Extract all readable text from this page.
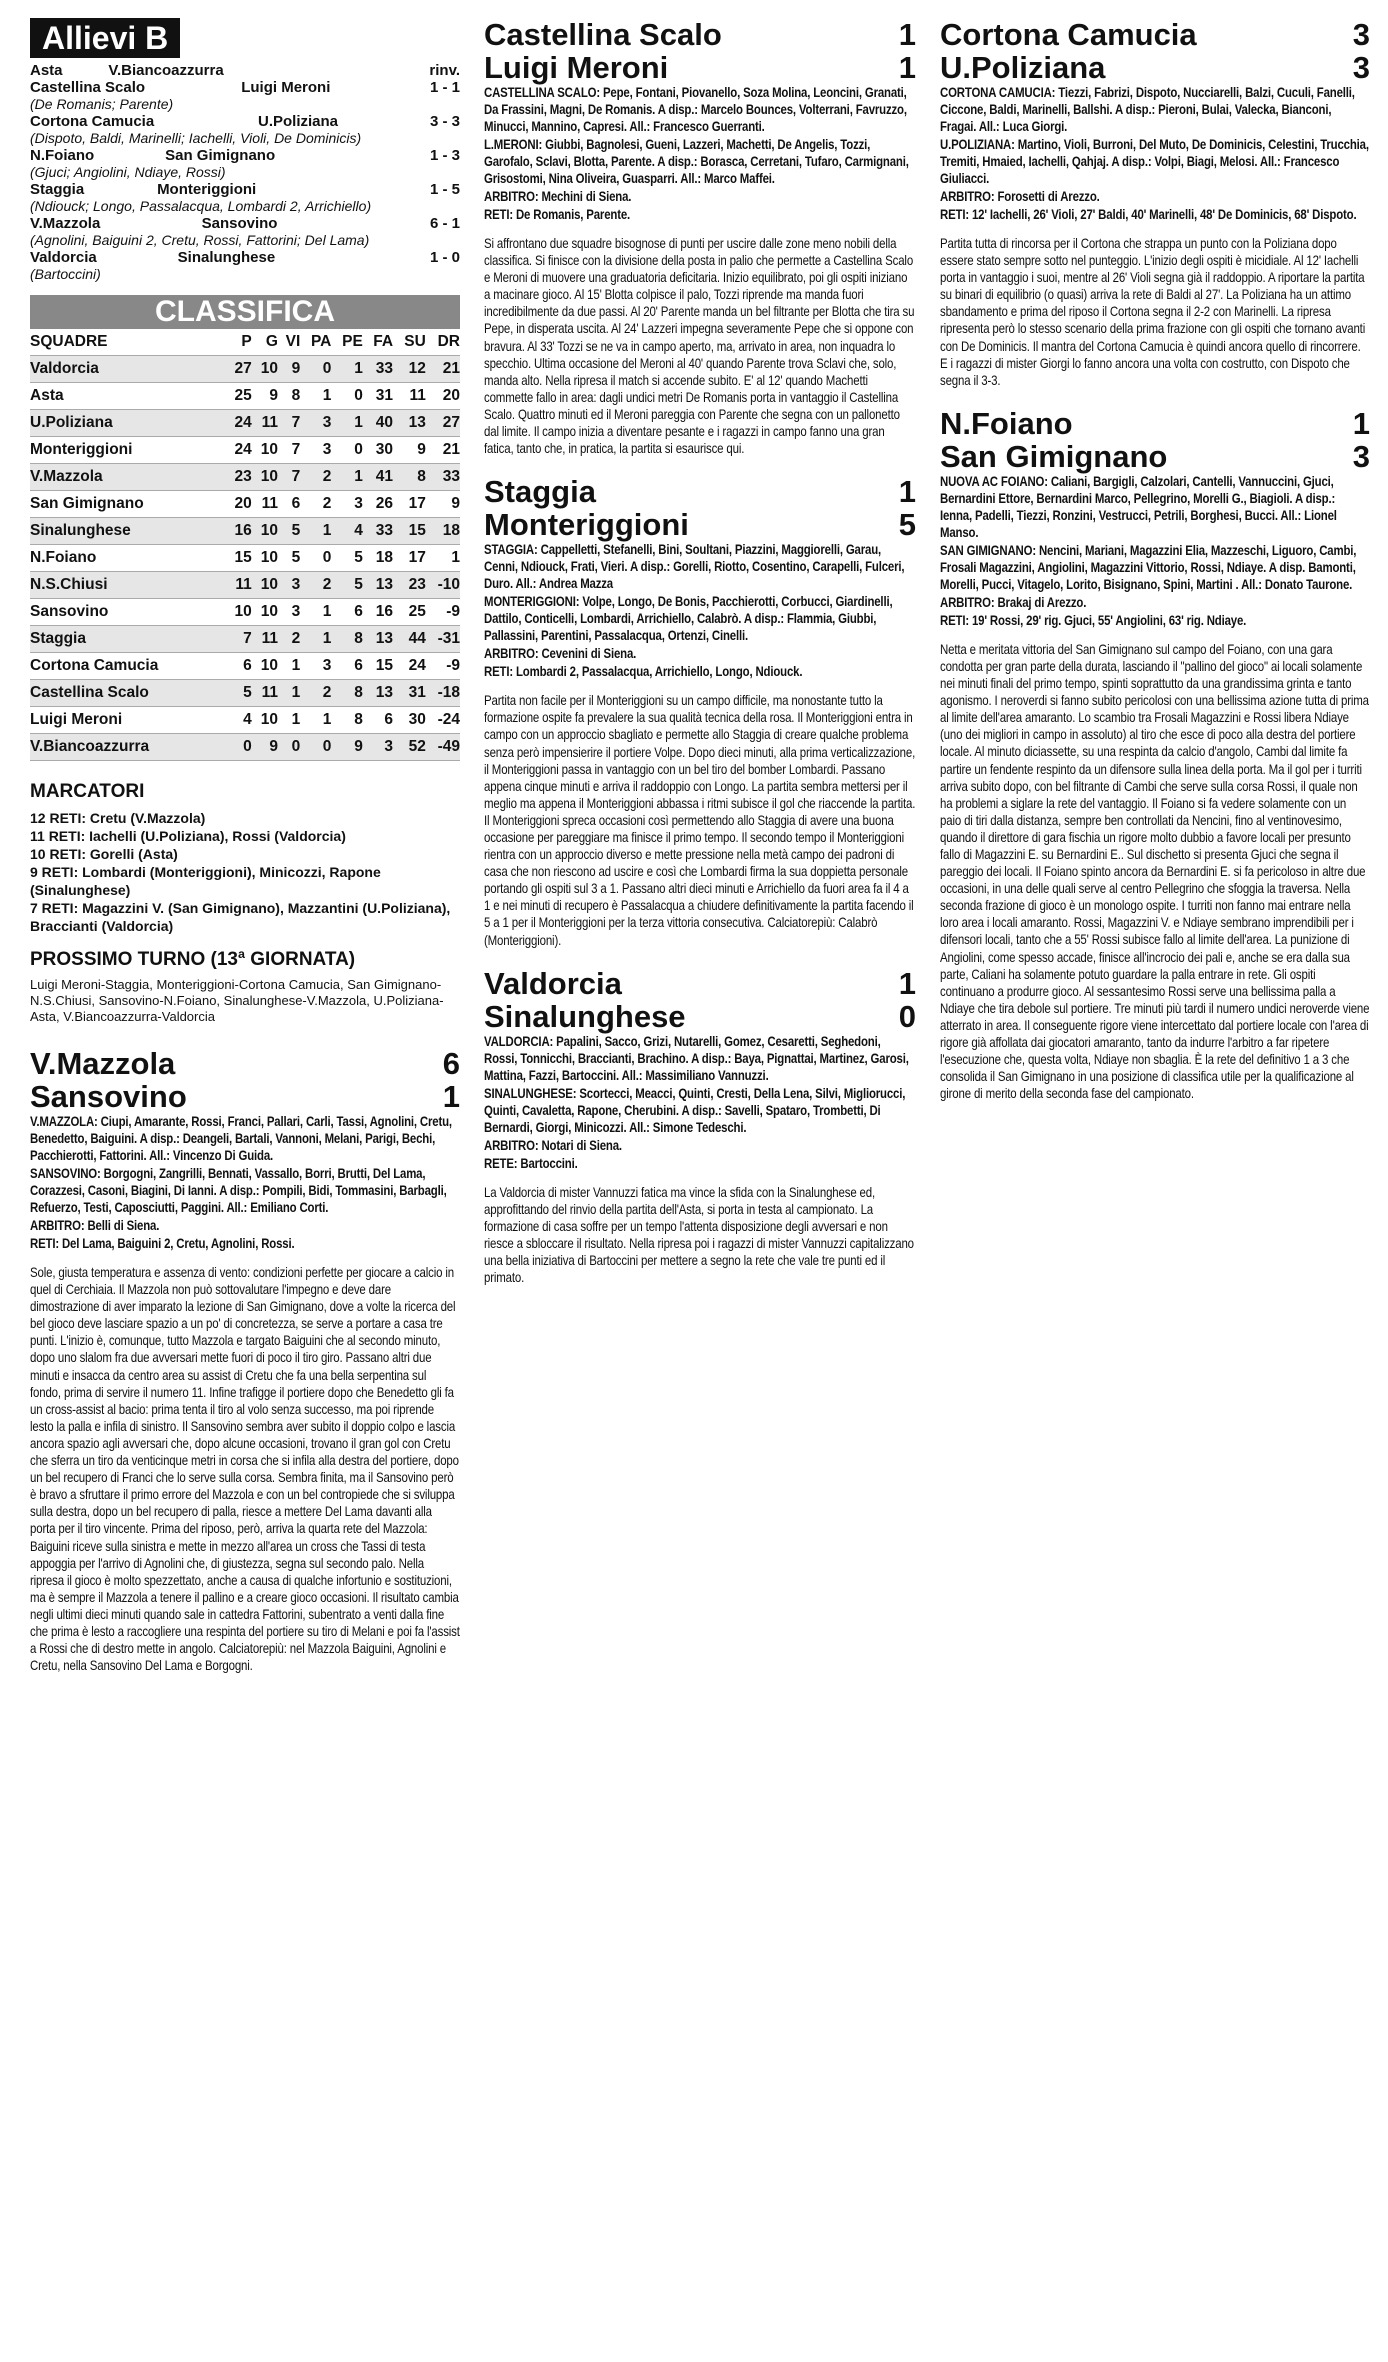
Allievi B
Asta	V.Biancoazzurra	rinv.
Castellina Scalo	Luigi Meroni	1 - 1
(De Romanis; Parente)
Cortona Camucia	U.Poliziana	3 - 3
(Dispoto, Baldi, Marinelli; Iachelli, Violi, De Dominicis)
N.Foiano	San Gimignano	1 - 3
(Gjuci; Angiolini, Ndiaye, Rossi)
Staggia	Monteriggioni	1 - 5
(Ndiouck; Longo, Passalacqua, Lombardi 2, Arrichiello)
V.Mazzola	Sansovino	6 - 1
(Agnolini, Baiguini 2, Cretu, Rossi, Fattorini; Del Lama)
Valdorcia	Sinalunghese	1 - 0
(Bartoccini)
CLASSIFICA
SQUADRE	P	G	VI	PA	PE	FA	SU	DR
Valdorcia	27	10	9	0	1	33	12	21
Asta	25	9	8	1	0	31	11	20
U.Poliziana	24	11	7	3	1	40	13	27
Monteriggioni	24	10	7	3	0	30	9	21
V.Mazzola	23	10	7	2	1	41	8	33
San Gimignano	20	11	6	2	3	26	17	9
Sinalunghese	16	10	5	1	4	33	15	18
N.Foiano	15	10	5	0	5	18	17	1
N.S.Chiusi	11	10	3	2	5	13	23	-10
Sansovino	10	10	3	1	6	16	25	-9
Staggia	7	11	2	1	8	13	44	-31
Cortona Camucia	6	10	1	3	6	15	24	-9
Castellina Scalo	5	11	1	2	8	13	31	-18
Luigi Meroni	4	10	1	1	8	6	30	-24
V.Biancoazzurra	0	9	0	0	9	3	52	-49
MARCATORI
12 RETI: Cretu (V.Mazzola)
11 RETI: Iachelli (U.Poliziana), Rossi (Valdorcia)
10 RETI: Gorelli (Asta)
9 RETI: Lombardi (Monteriggioni), Minicozzi, Rapone (Sinalunghese)
7 RETI: Magazzini V. (San Gimignano), Mazzantini (U.Poliziana), Braccianti (Valdorcia)
PROSSIMO TURNO (13ª GIORNATA)
Luigi Meroni-Staggia, Monteriggioni-Cortona Camucia, San Gimignano-N.S.Chiusi, Sansovino-N.Foiano, Sinalunghese-V.Mazzola, U.Poliziana-Asta, V.Biancoazzurra-Valdorcia
V.Mazzola	6
Sansovino	1

V.MAZZOLA: Ciupi, Amarante, Rossi, Franci, Pallari, Carli, Tassi, Agnolini, Cretu, Benedetto, Baiguini. A disp.: Deangeli, Bartali, Vannoni, Melani, Parigi, Bechi, Pacchierotti, Fattorini. All.: Vincenzo Di Guida.

SANSOVINO: Borgogni, Zangrilli, Bennati, Vassallo, Borri, Brutti, Del Lama, Corazzesi, Casoni, Biagini, Di Ianni. A disp.: Pompili, Bidi, Tommasini, Barbagli, Refuerzo, Testi, Caposciutti, Paggini. All.: Emiliano Corti.

ARBITRO: Belli di Siena.

RETI: Del Lama, Baiguini 2, Cretu, Agnolini, Rossi.

Sole, giusta temperatura e assenza di vento: condizioni perfette per giocare a calcio in quel di Cerchiaia. Il Mazzola non può sottovalutare l'impegno e deve dare dimostrazione di aver imparato la lezione di San Gimignano, dove a volte la ricerca del bel gioco deve lasciare spazio a un po' di concretezza, se serve a portare a casa tre punti. L'inizio è, comunque, tutto Mazzola e targato Baiguini che al secondo minuto, dopo uno slalom fra due avversari mette fuori di poco il tiro giro. Passano altri due minuti e insacca da centro area su assist di Cretu che fa una bella serpentina sul fondo, prima di servire il numero 11. Infine trafigge il portiere dopo che Benedetto gli fa un cross-assist al bacio: prima tenta il tiro al volo senza successo, ma poi riprende lesto la palla e infila di sinistro. Il Sansovino sembra aver subito il doppio colpo e lascia ancora spazio agli avversari che, dopo alcune occasioni, trovano il gran gol con Cretu che sferra un tiro da venticinque metri in corsa che si infila alla destra del portiere, dopo un bel recupero di Franci che lo serve sulla corsa. Sembra finita, ma il Sansovino però è bravo a sfruttare il primo errore del Mazzola e con un bel contropiede che si sviluppa sulla destra, dopo un bel recupero di palla, riesce a mettere Del Lama davanti alla porta per il tiro vincente. Prima del riposo, però, arriva la quarta rete del Mazzola: Baiguini riceve sulla sinistra e mette in mezzo all'area un cross che Tassi di testa appoggia per l'arrivo di Agnolini che, di giustezza, segna sul secondo palo. Nella ripresa il gioco è molto spezzettato, anche a causa di qualche infortunio e sostituzioni, ma è sempre il Mazzola a tenere il pallino e a creare gioco occasioni. Il risultato cambia negli ultimi dieci minuti quando sale in cattedra Fattorini, subentrato a venti dalla fine che prima è lesto a raccogliere una respinta del portiere su tiro di Melani e poi fa l'assist a Rossi che di destro mette in angolo. Calciatorepiù: nel Mazzola Baiguini, Agnolini e Cretu, nella Sansovino Del Lama e Borgogni.
Castellina Scalo	1
Luigi Meroni	1

CASTELLINA SCALO: Pepe, Fontani, Piovanello, Soza Molina, Leoncini, Granati, Da Frassini, Magni, De Romanis. A disp.: Marcelo Bounces, Volterrani, Favruzzo, Minucci, Mannino, Capresi. All.: Francesco Guerranti.

L.MERONI: Giubbi, Bagnolesi, Gueni, Lazzeri, Machetti, De Angelis, Tozzi, Garofalo, Sclavi, Blotta, Parente. A disp.: Borasca, Cerretani, Tufaro, Carmignani, Grisostomi, Nina Oliveira, Guasparri. All.: Marco Maffei.

ARBITRO: Mechini di Siena.

RETI: De Romanis, Parente.

Si affrontano due squadre bisognose di punti per uscire dalle zone meno nobili della classifica. Si finisce con la divisione della posta in palio che permette a Castellina Scalo e Meroni di muovere una graduatoria deficitaria. Inizio equilibrato, poi gli ospiti iniziano a macinare gioco. Al 15' Blotta colpisce il palo, Tozzi riprende ma manda fuori incredibilmente da due passi. Al 20' Parente manda un bel filtrante per Blotta che tira su Pepe, in disperata uscita. Al 24' Lazzeri impegna severamente Pepe che si oppone con bravura. Al 33' Tozzi se ne va in campo aperto, ma, arrivato in area, non inquadra lo specchio. Ultima occasione del Meroni al 40' quando Parente trova Sclavi che, solo, manda alto. Nella ripresa il match si accende subito. E' al 12' quando Machetti commette fallo in area: dagli undici metri De Romanis porta in vantaggio il Castellina Scalo. Quattro minuti ed il Meroni pareggia con Parente che segna con un pallonetto dal limite. Il campo inizia a diventare pesante e i ragazzi in campo fanno una gran fatica, tanto che, in pratica, la partita si esaurisce qui.
Staggia	1
Monteriggioni	5

STAGGIA: Cappelletti, Stefanelli, Bini, Soultani, Piazzini, Maggiorelli, Garau, Cenni, Ndiouck, Frati, Vieri. A disp.: Gorelli, Riotto, Cosentino, Carapelli, Fulceri, Duro. All.: Andrea Mazza

MONTERIGGIONI: Volpe, Longo, De Bonis, Pacchierotti, Corbucci, Giardinelli, Dattilo, Conticelli, Lombardi, Arrichiello, Calabrò. A disp.: Flammia, Giubbi, Pallassini, Parentini, Passalacqua, Ortenzi, Cinelli.

ARBITRO: Cevenini di Siena.

RETI: Lombardi 2, Passalacqua, Arrichiello, Longo, Ndiouck.

Partita non facile per il Monteriggioni su un campo difficile, ma nonostante tutto la formazione ospite fa prevalere la sua qualità tecnica della rosa. Il Monteriggioni entra in campo con un approccio sbagliato e permette allo Staggia di creare qualche problema senza però impensierire il portiere Volpe. Dopo dieci minuti, alla prima verticalizzazione, il Monteriggioni passa in vantaggio con un bel tiro del bomber Lombardi. Passano appena cinque minuti e arriva il raddoppio con Longo. La partita sembra mettersi per il meglio ma appena il Monteriggioni abbassa i ritmi subisce il gol che riaccende la partita. Il Monteriggioni spreca occasioni così permettendo allo Staggia di avere una buona occasione per pareggiare ma finisce il primo tempo. Il secondo tempo il Monteriggioni rientra con un approccio diverso e mette pressione nella metà campo dei padroni di casa che non riescono ad uscire e così che Lombardi firma la sua doppietta personale portando gli ospiti sul 3 a 1. Passano altri dieci minuti e Arrichiello da fuori area fa il 4 a 1 e nei minuti di recupero è Passalacqua a chiudere definitivamente la partita facendo il 5 a 1 per il Monteriggioni per la terza vittoria consecutiva. Calciatorepiù: Calabrò (Monteriggioni).
Valdorcia	1
Sinalunghese	0

VALDORCIA: Papalini, Sacco, Grizi, Nutarelli, Gomez, Cesaretti, Seghedoni, Rossi, Tonnicchi, Braccianti, Brachino. A disp.: Baya, Pignattai, Martinez, Garosi, Mattina, Fazzi, Bartoccini. All.: Massimiliano Vannuzzi.

SINALUNGHESE: Scortecci, Meacci, Quinti, Cresti, Della Lena, Silvi, Migliorucci, Quinti, Cavaletta, Rapone, Cherubini. A disp.: Savelli, Spataro, Trombetti, Di Bernardi, Giorgi, Minicozzi. All.: Simone Tedeschi.

ARBITRO: Notari di Siena.

RETE: Bartoccini.

La Valdorcia di mister Vannuzzi fatica ma vince la sfida con la Sinalunghese ed, approfittando del rinvio della partita dell'Asta, si porta in testa al campionato. La formazione di casa soffre per un tempo l'attenta disposizione degli avversari e non riesce a sbloccare il risultato. Nella ripresa poi i ragazzi di mister Vannuzzi capitalizzano una bella iniziativa di Bartoccini per mettere a segno la rete che vale tre punti ed il primato.
Cortona Camucia	3
U.Poliziana	3

CORTONA CAMUCIA: Tiezzi, Fabrizi, Dispoto, Nucciarelli, Balzi, Cuculi, Fanelli, Ciccone, Baldi, Marinelli, Ballshi. A disp.: Pieroni, Bulai, Valecka, Bianconi, Fragai. All.: Luca Giorgi.

U.POLIZIANA: Martino, Violi, Burroni, Del Muto, De Dominicis, Celestini, Trucchia, Tremiti, Hmaied, Iachelli, Qahjaj. A disp.: Volpi, Biagi, Melosi. All.: Francesco Giuliacci.

ARBITRO: Forosetti di Arezzo.

RETI: 12' Iachelli, 26' Violi, 27' Baldi, 40' Marinelli, 48' De Dominicis, 68' Dispoto.

Partita tutta di rincorsa per il Cortona che strappa un punto con la Poliziana dopo essere stato sempre sotto nel punteggio. L'inizio degli ospiti è micidiale. Al 12' Iachelli porta in vantaggio i suoi, mentre al 26' Violi segna già il raddoppio. A riportare la partita su binari di equilibrio (o quasi) arriva la rete di Baldi al 27'. La Poliziana ha un attimo sbandamento e prima del riposo il Cortona segna il 2-2 con Marinelli. La ripresa ripresenta però lo stesso scenario della prima frazione con gli ospiti che tornano avanti con De Dominicis. Il mantra del Cortona Camucia è quindi ancora quello di rincorrere. E i ragazzi di mister Giorgi lo fanno ancora una volta con costrutto, con Dispoto che segna il 3-3.
N.Foiano	1
San Gimignano	3

NUOVA AC FOIANO: Caliani, Bargigli, Calzolari, Cantelli, Vannuccini, Gjuci, Bernardini Ettore, Bernardini Marco, Pellegrino, Morelli G., Biagioli. A disp.: Ienna, Padelli, Tiezzi, Ronzini, Vestrucci, Petrili, Borghesi, Bucci. All.: Lionel Manso.

SAN GIMIGNANO: Nencini, Mariani, Magazzini Elia, Mazzeschi, Liguoro, Cambi, Frosali Magazzini, Angiolini, Magazzini Vittorio, Rossi, Ndiaye. A disp. Bamonti, Morelli, Pucci, Vitagelo, Lorito, Bisignano, Spini, Martini . All.: Donato Taurone.

ARBITRO: Brakaj di Arezzo.

RETI: 19' Rossi, 29' rig. Gjuci, 55' Angiolini, 63' rig. Ndiaye.

Netta e meritata vittoria del San Gimignano sul campo del Foiano, con una gara condotta per gran parte della durata, lasciando il "pallino del gioco" ai locali solamente nei minuti finali del primo tempo, spinti soprattutto da una grandissima grinta e tanto agonismo. I neroverdi si fanno subito pericolosi con una bellissima azione tutta di prima al limite dell'area amaranto. Lo scambio tra Frosali Magazzini e Rossi libera Ndiaye (uno dei migliori in campo in assoluto) al tiro che esce di poco alla destra del portiere locale. Al minuto diciassette, su una respinta da calcio d'angolo, Cambi dal limite fa partire un fendente respinto da un difensore sulla linea della porta. Ma il gol per i turriti arriva subito dopo, con bel filtrante di Cambi che serve sulla corsa Rossi, il quale non ha problemi a siglare la rete del vantaggio. Il Foiano si fa vedere solamente con un paio di tiri dalla distanza, sempre ben controllati da Nencini, fino al ventinovesimo, quando il direttore di gara fischia un rigore molto dubbio a favore locali per presunto fallo di Magazzini E. su Bernardini E.. Sul dischetto si presenta Gjuci che segna il pareggio dei locali. Il Foiano spinto ancora da Bernardini E. si fa pericoloso in altre due occasioni, in una delle quali serve al centro Pellegrino che sfoggia la traversa. Nella seconda frazione di gioco è un monologo ospite. I turriti non fanno mai entrare nella loro area i locali amaranto. Rossi, Magazzini V. e Ndiaye sembrano imprendibili per i difensori locali, tanto che a 55' Rossi subisce fallo al limite dell'area. La punizione di Angiolini, come spesso accade, finisce all'incrocio dei pali e, anche se era dalla sua parte, Caliani ha solamente potuto guardare la palla entrare in rete. Gli ospiti continuano a produrre gioco. Al sessantesimo Rossi serve una bellissima palla a Ndiaye che tira debole sul portiere. Tre minuti più tardi il numero undici neroverde viene atterrato in area. Il conseguente rigore viene intercettato dal portiere locale con l'area di rigore già affollata dai giocatori amaranto, tanto da indurre l'arbitro a far ripetere l'esecuzione che, questa volta, Ndiaye non sbaglia. È la rete del definitivo 1 a 3 che consolida il San Gimignano in una posizione di classifica utile per la qualificazione al girone di merito della seconda fase del campionato.
